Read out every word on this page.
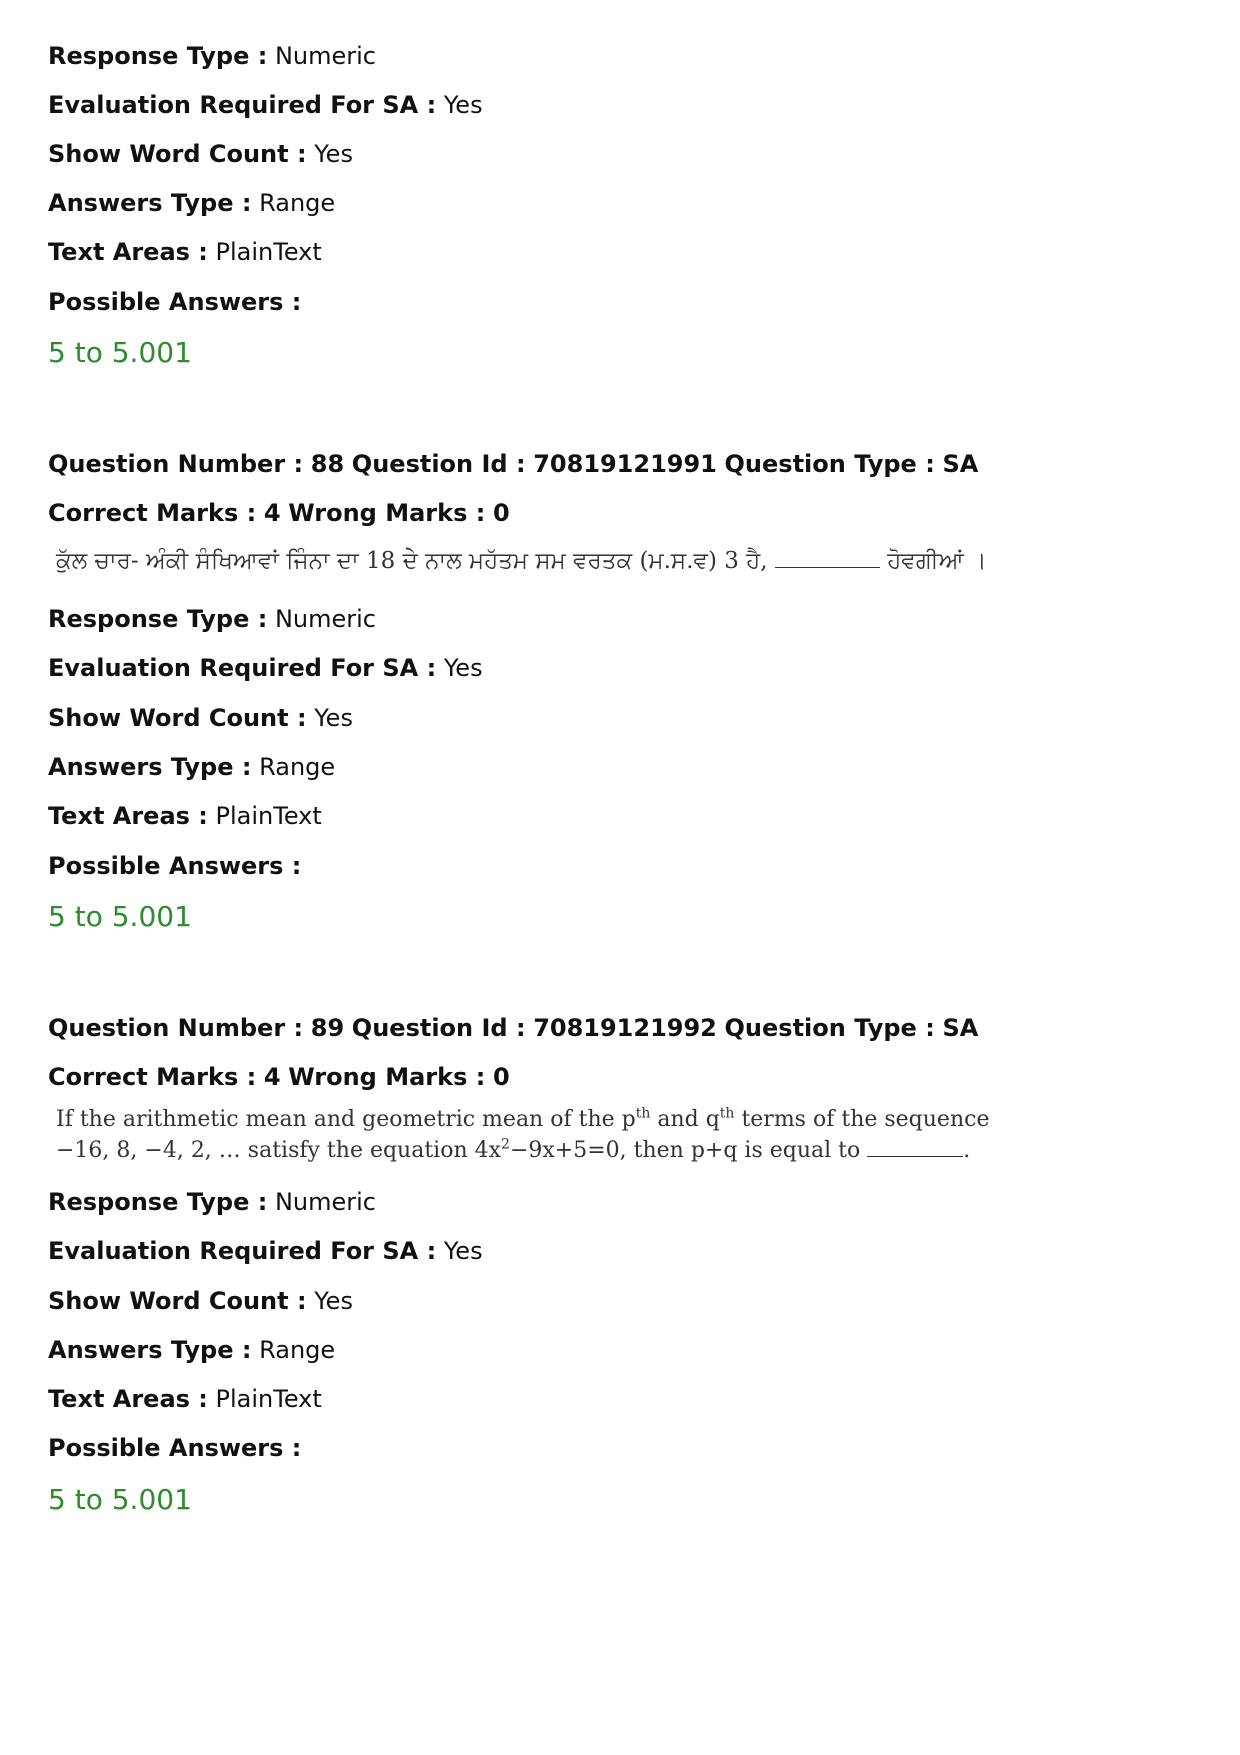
Response Type : Numeric
Evaluation Required For SA : Yes
Show Word Count : Yes
Answers Type : Range
Text Areas : PlainText
Possible Answers :
5 to 5.001
Question Number : 88 Question Id : 70819121991 Question Type : SA
Correct Marks : 4 Wrong Marks : 0
ਕੁੱਲ ਚਾਰ- ਅੰਕੀ ਸੰਖਿਆਵਾਂ ਜਿੰਨਾ ਦਾ 18 ਦੇ ਨਾਲ ਮਹੱਤਮ ਸਮ ਵਰਤਕ (ਮ.ਸ.ਵ) 3 ਹੈ,	ਹੋਵਗੀਆਂ ।
Response Type : Numeric
Evaluation Required For SA : Yes
Show Word Count : Yes
Answers Type : Range
Text Areas : PlainText
Possible Answers :
5 to 5.001
Question Number : 89 Question Id : 70819121992 Question Type : SA
Correct Marks : 4 Wrong Marks : 0
If the arithmetic mean and geometric mean of the $p^{th}$ and $q^{th}$ terms of the sequence
−16, 8, −4, 2, … satisfy the equation $4x^2-9x+5=0$, then p+q is equal to	.
Response Type : Numeric
Evaluation Required For SA : Yes
Show Word Count : Yes
Answers Type : Range
Text Areas : PlainText
Possible Answers :
5 to 5.001
